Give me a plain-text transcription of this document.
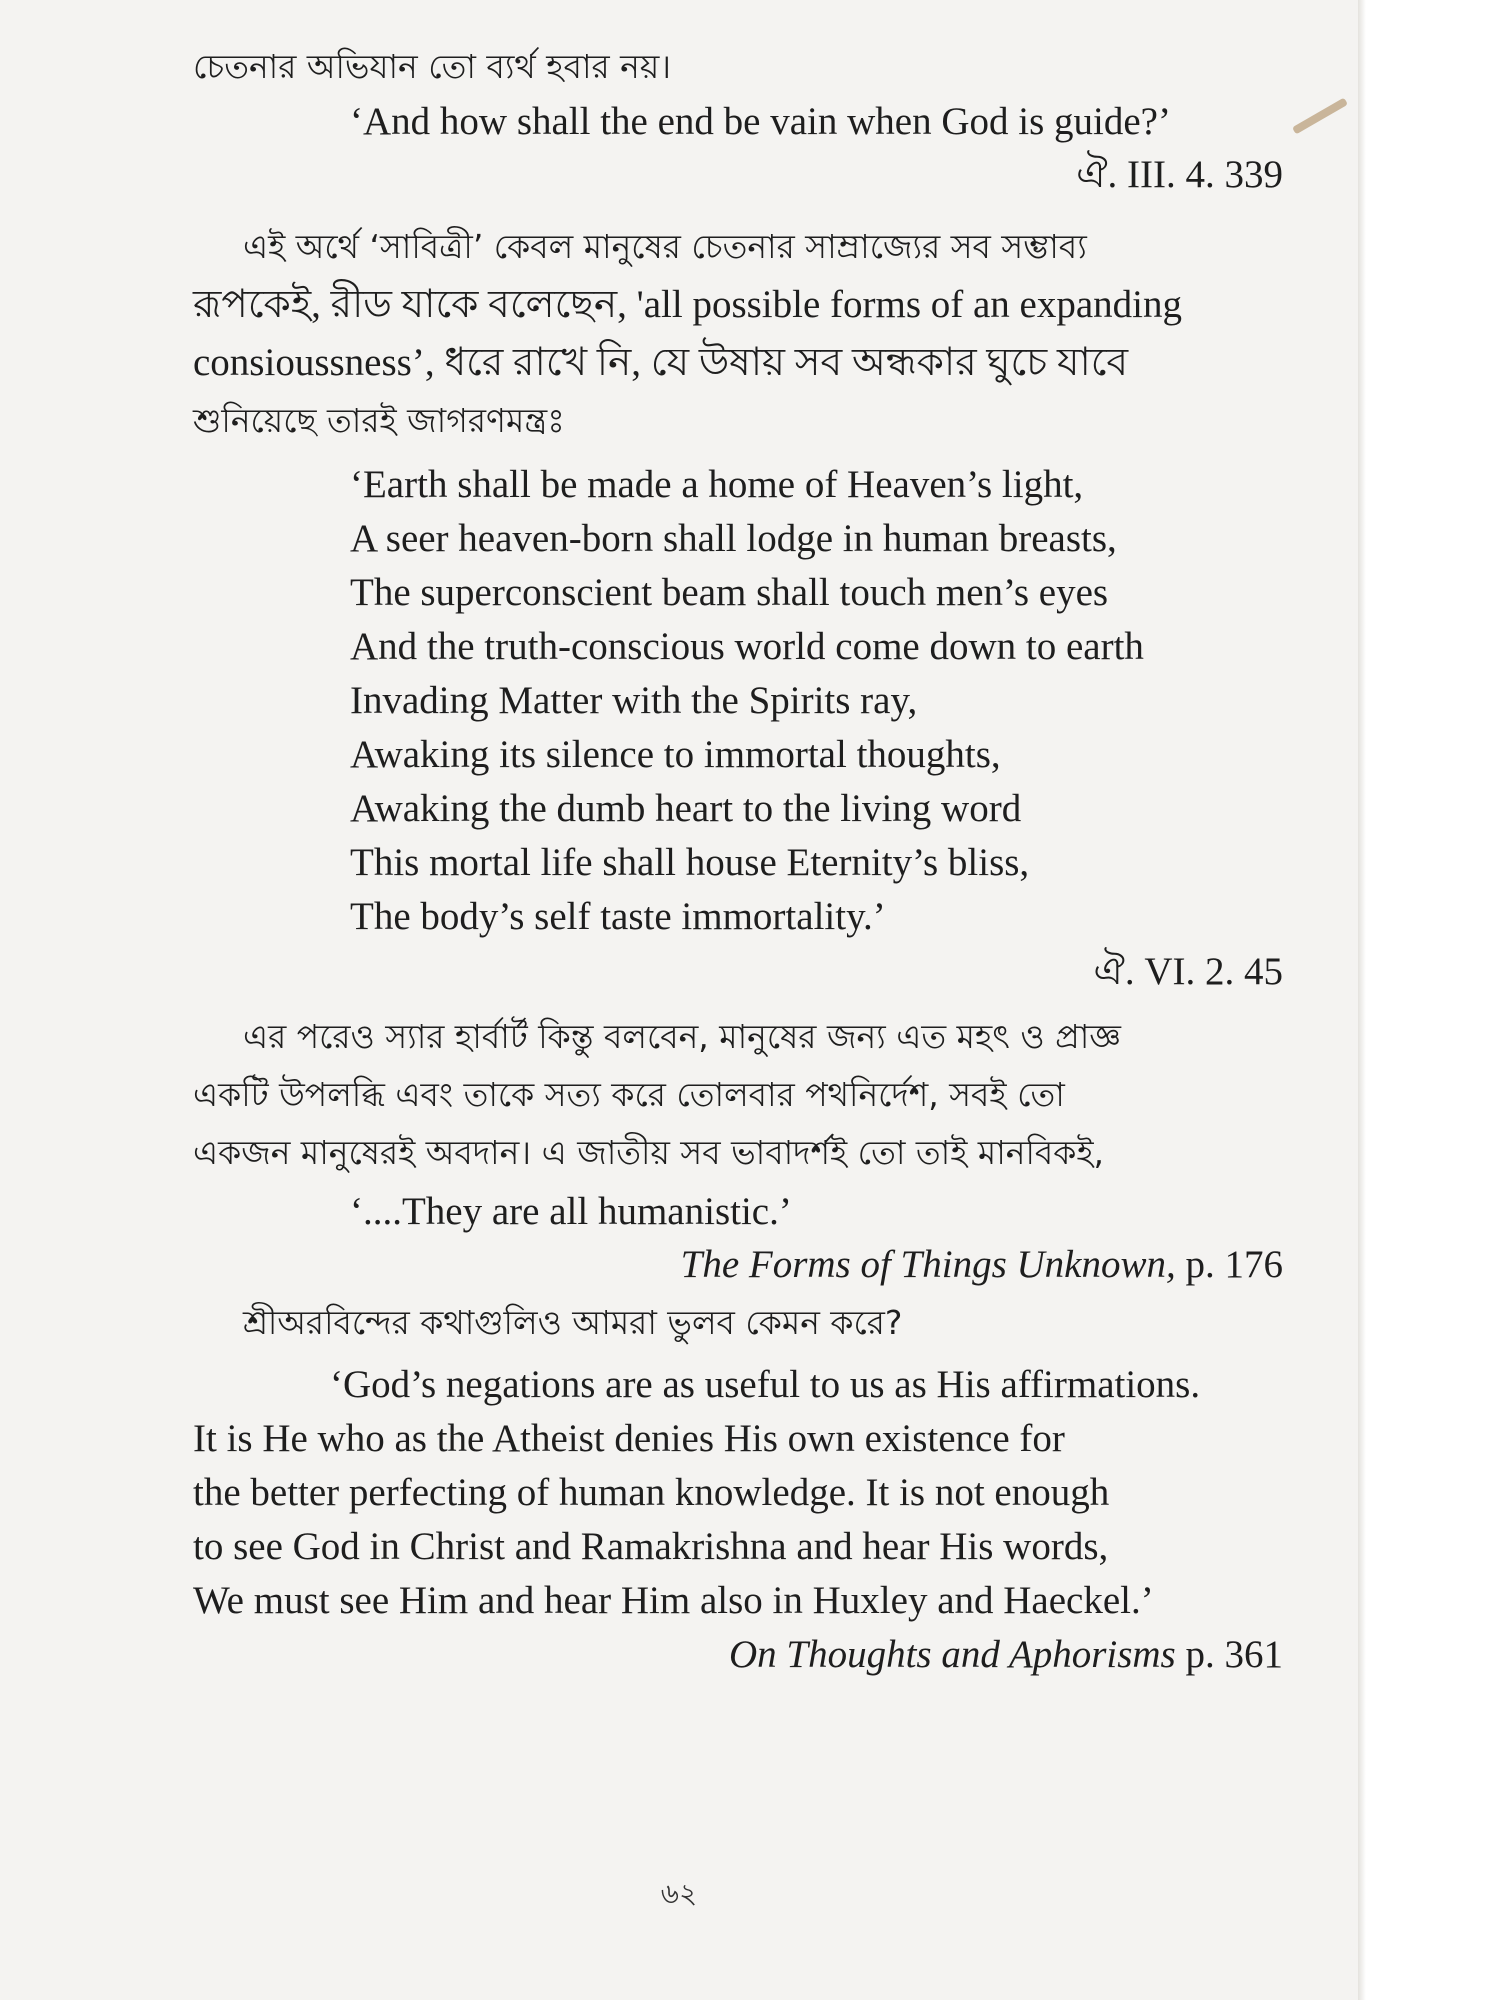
চেতনার অভিযান তো ব্যর্থ হবার নয়।

‘And how shall the end be vain when God is guide?’

ঐ. III. 4. 339

এই অর্থে ‘সাবিত্রী’ কেবল মানুষের চেতনার সাম্রাজ্যের সব সম্ভাব্য

রূপকেই, রীড যাকে বলেছেন, 'all possible forms of an expanding

consioussness’, ধরে রাখে নি, যে উষায় সব অন্ধকার ঘুচে যাবে

শুনিয়েছে তারই জাগরণমন্ত্রঃ

‘Earth shall be made a home of Heaven’s light,

A seer heaven-born shall lodge in human breasts,

The superconscient beam shall touch men’s eyes

And the truth-conscious world come down to earth

Invading Matter with the Spirits ray,

Awaking its silence to immortal thoughts,

Awaking the dumb heart to the living word

This mortal life shall house Eternity’s bliss,

The body’s self taste immortality.’

ঐ. VI. 2. 45

এর পরেও স্যার হার্বার্ট কিন্তু বলবেন, মানুষের জন্য এত মহৎ ও প্রাজ্ঞ

একটি উপলব্ধি এবং তাকে সত্য করে তোলবার পথনির্দেশ, সবই তো

একজন মানুষেরই অবদান। এ জাতীয় সব ভাবাদর্শই তো তাই মানবিকই,

‘....They are all humanistic.’

The Forms of Things Unknown, p. 176

শ্রীঅরবিন্দের কথাগুলিও আমরা ভুলব কেমন করে?

‘God’s negations are as useful to us as His affirmations.

It is He who as the Atheist denies His own existence for

the better perfecting of human knowledge. It is not enough

to see God in Christ and Ramakrishna and hear His words,

We must see Him and hear Him also in Huxley and Haeckel.’

On Thoughts and Aphorisms p. 361

৬২
